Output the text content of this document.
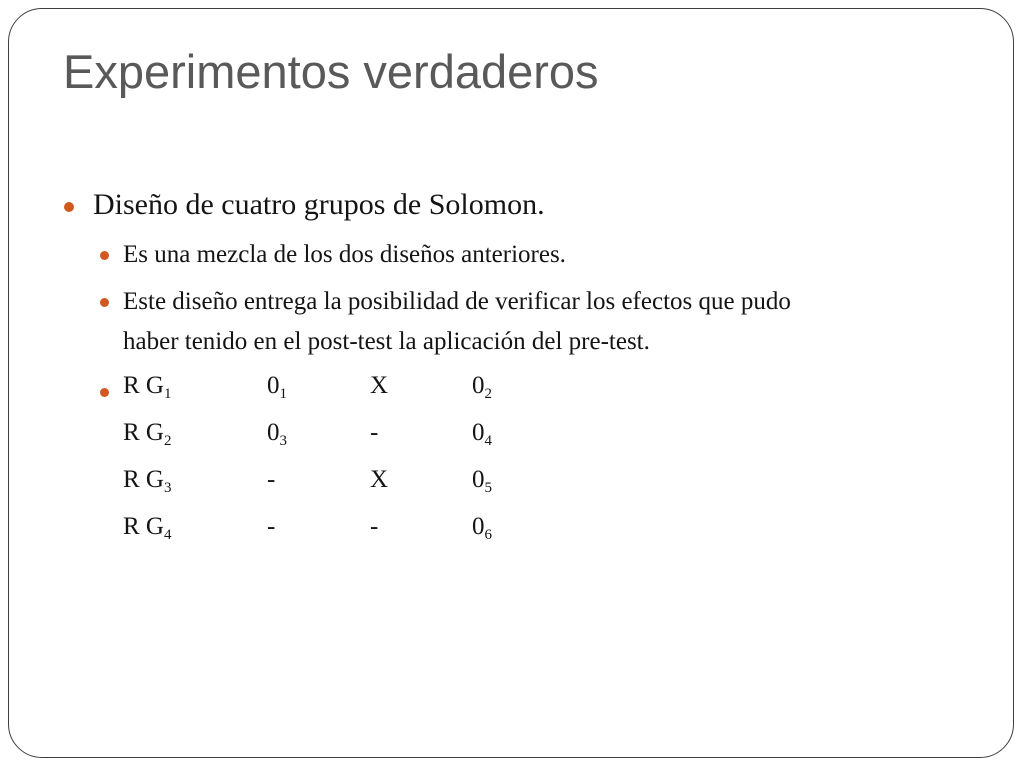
Experimentos verdaderos
Diseño de cuatro grupos de Solomon.
Es una mezcla de los dos diseños anteriores.
Este diseño entrega la posibilidad de verificar los efectos que pudo
haber tenido en el post-test la aplicación del pre-test.
R $G_1$	$0_1$	X	$0_2$
R $G_2$	$0_3$	-	$0_4$
R $G_3$	-	X	$0_5$
R $G_4$	-	-	$0_6$
